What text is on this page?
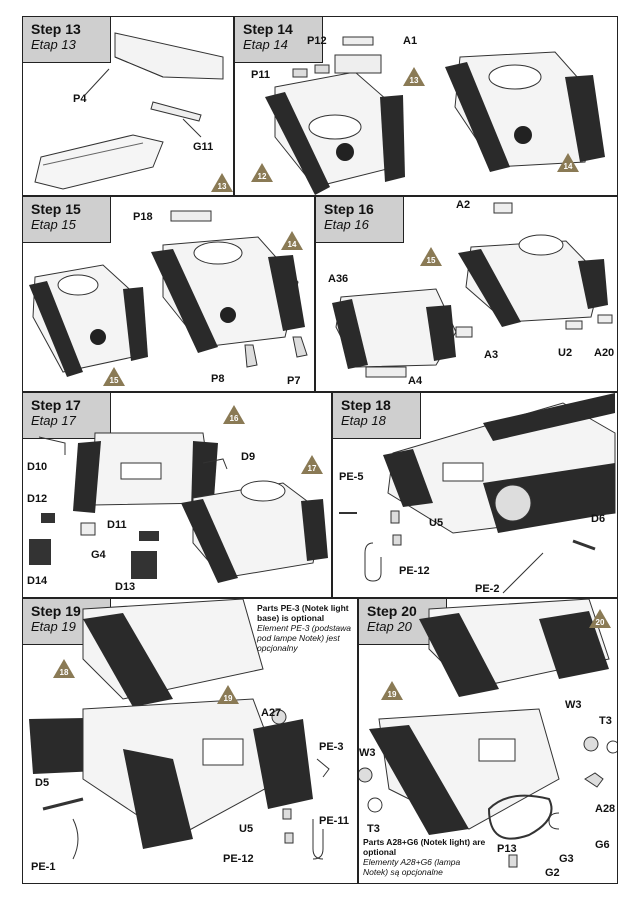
Step 13
Etap 13
P4
G11
13
Step 14
Etap 14	P12	A1
P11	13
12
14
Step 15
Etap 15	P18
P8	P7
14
15
Step 16
Etap 16
A2
A36
A3
A4
U2 A20
15
Step 17
Etap 17
D10
D9
D12
G4
D11
D14	D13
16
17
Step 18
Etap 18
PE-5
U5
PE-12
D6
PE-2
Step 19
Etap 19
A27
PE-3
D5
PE-11
U5
PE-12
PE-1
18
19
Parts PE-3 (Notek light base) is optional
Element PE-3 (podstawa pod lampe Notek) jest opcjonalny
Step 20
Etap 20
W3
T3
W3
T3
A28
P13
G3
G6
G2
20
19
Parts A28+G6 (Notek light) are optional
Elementy A28+G6 (lampa Notek) są opcjonalne
